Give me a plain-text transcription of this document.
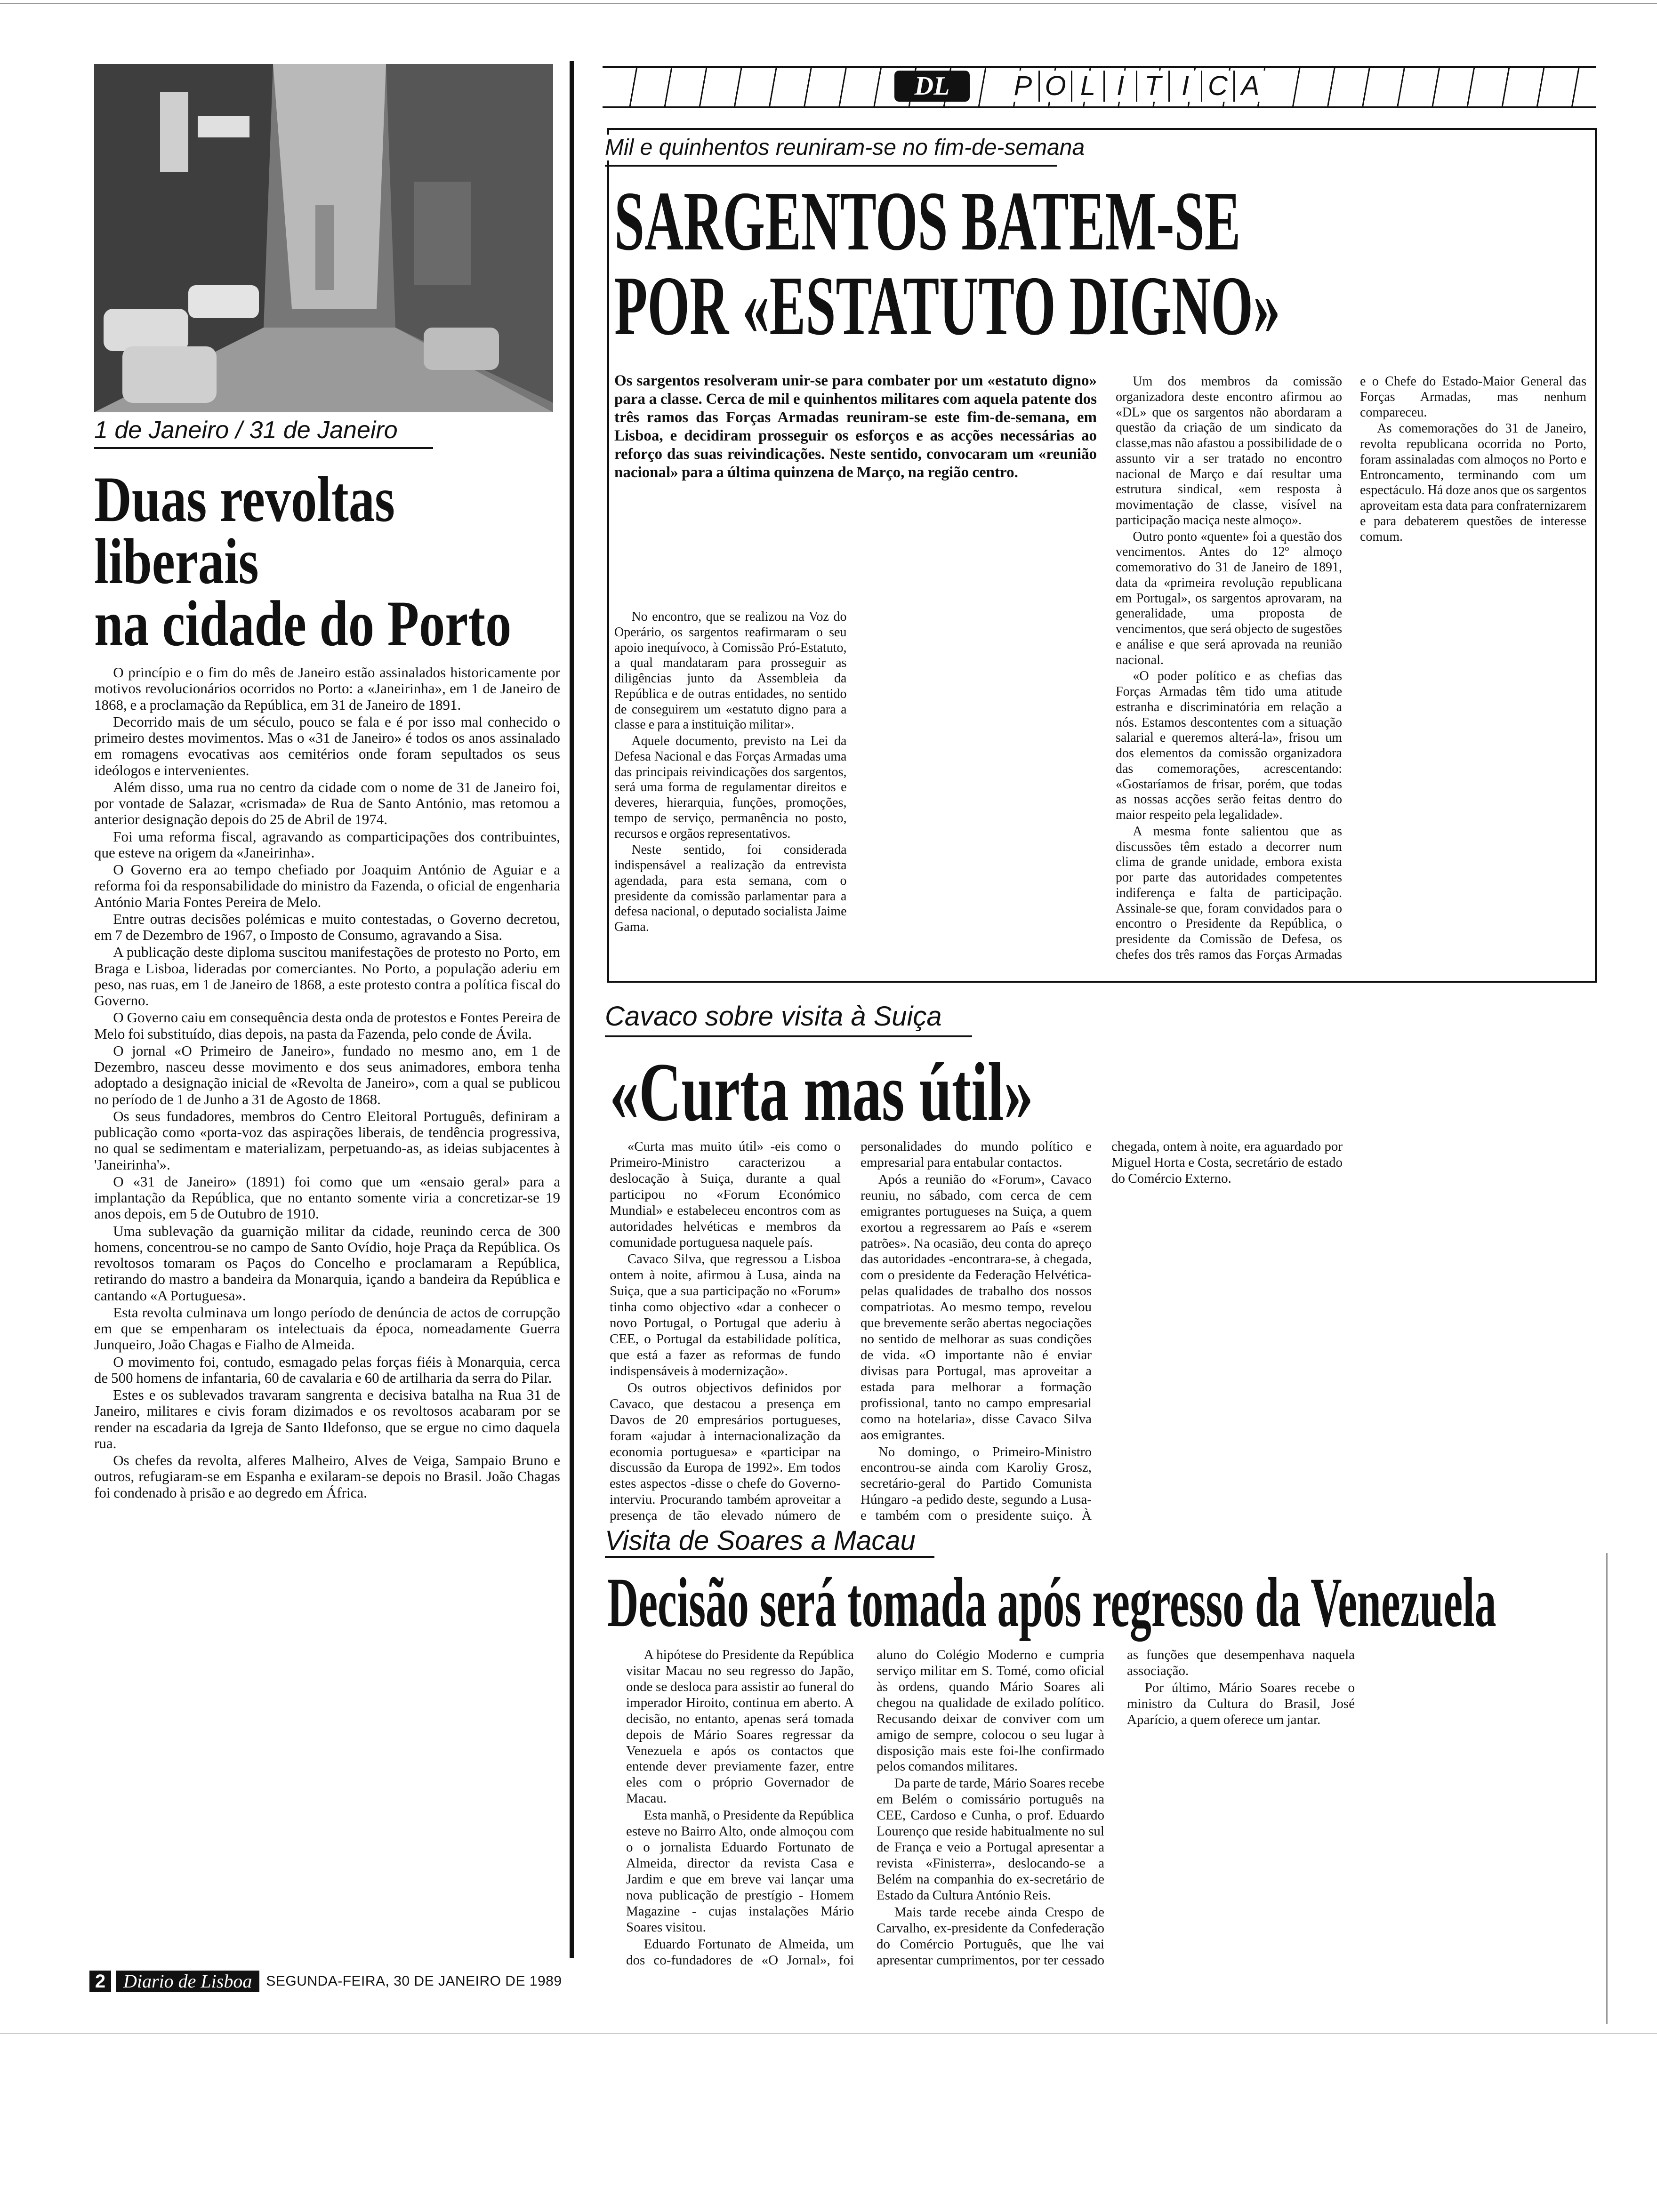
1 de Janeiro / 31 de Janeiro
Duas revoltas
liberais
na cidade do Porto

O princípio e o fim do mês de Janeiro estão assinalados historicamente por motivos revolucionários ocorridos no Porto: a «Janeirinha», em 1 de Janeiro de 1868, e a proclamação da República, em 31 de Janeiro de 1891.

Decorrido mais de um século, pouco se fala e é por isso mal conhecido o primeiro destes movimentos. Mas o «31 de Janeiro» é todos os anos assinalado em romagens evocativas aos cemitérios onde foram sepultados os seus ideólogos e intervenientes.

Além disso, uma rua no centro da cidade com o nome de 31 de Janeiro foi, por vontade de Salazar, «crismada» de Rua de Santo António, mas retomou a anterior designação depois do 25 de Abril de 1974.

Foi uma reforma fiscal, agravando as comparticipações dos contribuintes, que esteve na origem da «Janeirinha».

O Governo era ao tempo chefiado por Joaquim António de Aguiar e a reforma foi da responsabilidade do ministro da Fazenda, o oficial de engenharia António Maria Fontes Pereira de Melo.

Entre outras decisões polémicas e muito contestadas, o Governo decretou, em 7 de Dezembro de 1967, o Imposto de Consumo, agravando a Sisa.

A publicação deste diploma suscitou manifestações de protesto no Porto, em Braga e Lisboa, lideradas por comerciantes. No Porto, a população aderiu em peso, nas ruas, em 1 de Janeiro de 1868, a este protesto contra a política fiscal do Governo.

O Governo caiu em consequência desta onda de protestos e Fontes Pereira de Melo foi substituído, dias depois, na pasta da Fazenda, pelo conde de Ávila.

O jornal «O Primeiro de Janeiro», fundado no mesmo ano, em 1 de Dezembro, nasceu desse movimento e dos seus animadores, embora tenha adoptado a designação inicial de «Revolta de Janeiro», com a qual se publicou no período de 1 de Junho a 31 de Agosto de 1868.

Os seus fundadores, membros do Centro Eleitoral Português, definiram a publicação como «porta-voz das aspirações liberais, de tendência progressiva, no qual se sedimentam e materializam, perpetuando-as, as ideias subjacentes à 'Janeirinha'».

O «31 de Janeiro» (1891) foi como que um «ensaio geral» para a implantação da República, que no entanto somente viria a concretizar-se 19 anos depois, em 5 de Outubro de 1910.

Uma sublevação da guarnição militar da cidade, reunindo cerca de 300 homens, concentrou-se no campo de Santo Ovídio, hoje Praça da República. Os revoltosos tomaram os Paços do Concelho e proclamaram a República, retirando do mastro a bandeira da Monarquia, içando a bandeira da República e cantando «A Portuguesa».

Esta revolta culminava um longo período de denúncia de actos de corrupção em que se empenharam os intelectuais da época, nomeadamente Guerra Junqueiro, João Chagas e Fialho de Almeida.

O movimento foi, contudo, esmagado pelas forças fiéis à Monarquia, cerca de 500 homens de infantaria, 60 de cavalaria e 60 de artilharia da serra do Pilar.

Estes e os sublevados travaram sangrenta e decisiva batalha na Rua 31 de Janeiro, militares e civis foram dizimados e os revoltosos acabaram por se render na escadaria da Igreja de Santo Ildefonso, que se ergue no cimo daquela rua.

Os chefes da revolta, alferes Malheiro, Alves de Veiga, Sampaio Bruno e outros, refugiaram-se em Espanha e exilaram-se depois no Brasil. João Chagas foi condenado à prisão e ao degredo em África.

DL	P O L I T I C A
Mil e quinhentos reuniram-se no fim-de-semana
SARGENTOS BATEM-SE
POR «ESTATUTO DIGNO»
Os sargentos resolveram unir-se para combater por um «estatuto digno» para a classe. Cerca de mil e quinhentos militares com aquela patente dos três ramos das Forças Armadas reuniram-se este fim-de-semana, em Lisboa, e decidiram prosseguir os esforços e as acções necessárias ao reforço das suas reivindicações. Neste sentido, convocaram um «reunião nacional» para a última quinzena de Março, na região centro.

No encontro, que se realizou na Voz do Operário, os sargentos reafirmaram o seu apoio inequívoco, à Comissão Pró-Estatuto, a qual mandataram para prosseguir as diligências junto da Assembleia da República e de outras entidades, no sentido de conseguirem um «estatuto digno para a classe e para a instituição militar».

Aquele documento, previsto na Lei da Defesa Nacional e das Forças Armadas uma das principais reivindicações dos sargentos, será uma forma de regulamentar direitos e deveres, hierarquia, funções, promoções, tempo de serviço, permanência no posto, recursos e orgãos representativos.

Neste sentido, foi considerada indispensável a realização da entrevista agendada, para esta semana, com o presidente da comissão parlamentar para a defesa nacional, o deputado socialista Jaime Gama.

Um dos membros da comissão organizadora deste encontro afirmou ao «DL» que os sargentos não abordaram a questão da criação de um sindicato da classe,mas não afastou a possibilidade de o assunto vir a ser tratado no encontro nacional de Março e daí resultar uma estrutura sindical, «em resposta à movimentação de classe, visível na participação maciça neste almoço».

Outro ponto «quente» foi a questão dos vencimentos. Antes do 12º almoço comemorativo do 31 de Janeiro de 1891, data da «primeira revolução republicana em Portugal», os sargentos aprovaram, na generalidade, uma proposta de vencimentos, que será objecto de sugestões e análise e que será aprovada na reunião nacional.

«O poder político e as chefias das Forças Armadas têm tido uma atitude estranha e discriminatória em relação a nós. Estamos descontentes com a situação salarial e queremos alterá-la», frisou um dos elementos da comissão organizadora das comemorações, acrescentando: «Gostaríamos de frisar, porém, que todas as nossas acções serão feitas dentro do maior respeito pela legalidade».

A mesma fonte salientou que as discussões têm estado a decorrer num clima de grande unidade, embora exista por parte das autoridades competentes indiferença e falta de participação. Assinale-se que, foram convidados para o encontro o Presidente da República, o presidente da Comissão de Defesa, os chefes dos três ramos das Forças Armadas e o Chefe do Estado-Maior General das Forças Armadas, mas nenhum compareceu.

As comemorações do 31 de Janeiro, revolta republicana ocorrida no Porto, foram assinaladas com almoços no Porto e Entroncamento, terminando com um espectáculo. Há doze anos que os sargentos aproveitam esta data para confraternizarem e para debaterem questões de interesse comum.

Cavaco sobre visita à Suiça
«Curta mas útil»

«Curta mas muito útil» -eis como o Primeiro-Ministro caracterizou a deslocação à Suiça, durante a qual participou no «Forum Económico Mundial» e estabeleceu encontros com as autoridades helvéticas e membros da comunidade portuguesa naquele país.

Cavaco Silva, que regressou a Lisboa ontem à noite, afirmou à Lusa, ainda na Suiça, que a sua participação no «Forum» tinha como objectivo «dar a conhecer o novo Portugal, o Portugal que aderiu à CEE, o Portugal da estabilidade política, que está a fazer as reformas de fundo indispensáveis à modernização».

Os outros objectivos definidos por Cavaco, que destacou a presença em Davos de 20 empresários portugueses, foram «ajudar à internacionalização da economia portuguesa» e «participar na discussão da Europa de 1992». Em todos estes aspectos -disse o chefe do Governo- interviu. Procurando também aproveitar a presença de tão elevado número de personalidades do mundo político e empresarial para entabular contactos.

Após a reunião do «Forum», Cavaco reuniu, no sábado, com cerca de cem emigrantes portugueses na Suiça, a quem exortou a regressarem ao País e «serem patrões». Na ocasião, deu conta do apreço das autoridades -encontrara-se, à chegada, com o presidente da Federação Helvética- pelas qualidades de trabalho dos nossos compatriotas. Ao mesmo tempo, revelou que brevemente serão abertas negociações no sentido de melhorar as suas condições de vida. «O importante não é enviar divisas para Portugal, mas aproveitar a estada para melhorar a formação profissional, tanto no campo empresarial como na hotelaria», disse Cavaco Silva aos emigrantes.

No domingo, o Primeiro-Ministro encontrou-se ainda com Karoliy Grosz, secretário-geral do Partido Comunista Húngaro -a pedido deste, segundo a Lusa- e também com o presidente suiço. À chegada, ontem à noite, era aguardado por Miguel Horta e Costa, secretário de estado do Comércio Externo.

Visita de Soares a Macau
Decisão será tomada após regresso da Venezuela

A hipótese do Presidente da República visitar Macau no seu regresso do Japão, onde se desloca para assistir ao funeral do imperador Hiroito, continua em aberto. A decisão, no entanto, apenas será tomada depois de Mário Soares regressar da Venezuela e após os contactos que entende dever previamente fazer, entre eles com o próprio Governador de Macau.

Esta manhã, o Presidente da República esteve no Bairro Alto, onde almoçou com o o jornalista Eduardo Fortunato de Almeida, director da revista Casa e Jardim e que em breve vai lançar uma nova publicação de prestígio - Homem Magazine - cujas instalações Mário Soares visitou.

Eduardo Fortunato de Almeida, um dos co-fundadores de «O Jornal», foi aluno do Colégio Moderno e cumpria serviço militar em S. Tomé, como oficial às ordens, quando Mário Soares ali chegou na qualidade de exilado político. Recusando deixar de conviver com um amigo de sempre, colocou o seu lugar à disposição mais este foi-lhe confirmado pelos comandos militares.

Da parte de tarde, Mário Soares recebe em Belém o comissário português na CEE, Cardoso e Cunha, o prof. Eduardo Lourenço que reside habitualmente no sul de França e veio a Portugal apresentar a revista «Finisterra», deslocando-se a Belém na companhia do ex-secretário de Estado da Cultura António Reis.

Mais tarde recebe ainda Crespo de Carvalho, ex-presidente da Confederação do Comércio Português, que lhe vai apresentar cumprimentos, por ter cessado as funções que desempenhava naquela associação.

Por último, Mário Soares recebe o ministro da Cultura do Brasil, José Aparício, a quem oferece um jantar.

2 Diario de Lisboa	SEGUNDA-FEIRA, 30 DE JANEIRO DE 1989
